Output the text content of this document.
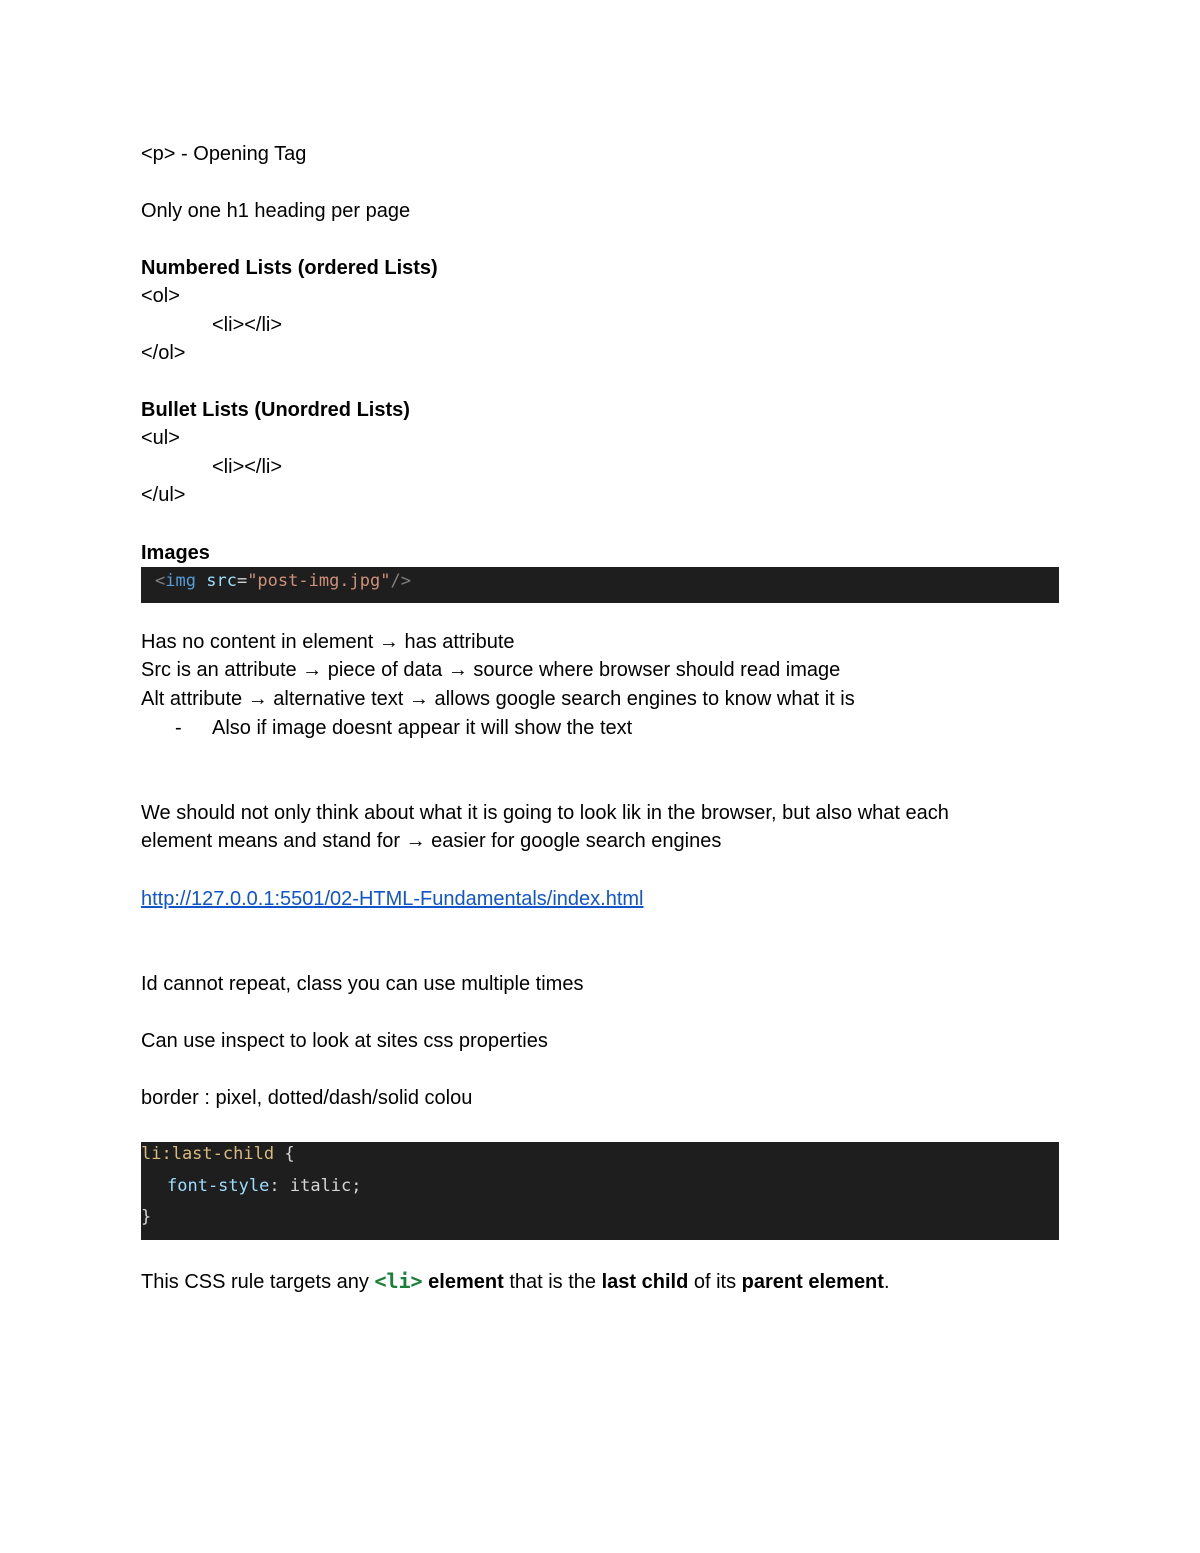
<p> - Opening Tag
Only one h1 heading per page
Numbered Lists (ordered Lists)
<ol>
<li></li>
</ol>
Bullet Lists (Unordred Lists)
<ul>
<li></li>
</ul>
Images
<img src="post-img.jpg"/>
Has no content in element → has attribute
Src is an attribute → piece of data → source where browser should read image
Alt attribute → alternative text → allows google search engines to know what it is
- Also if image doesnt appear it will show the text
We should not only think about what it is going to look lik in the browser, but also what each
element means and stand for → easier for google search engines
http://127.0.0.1:5501/02-HTML-Fundamentals/index.html
Id cannot repeat, class you can use multiple times
Can use inspect to look at sites css properties
border : pixel, dotted/dash/solid colou
li:last-child {
font-style: italic;
}
This CSS rule targets any <li> element that is the last child of its parent element.
